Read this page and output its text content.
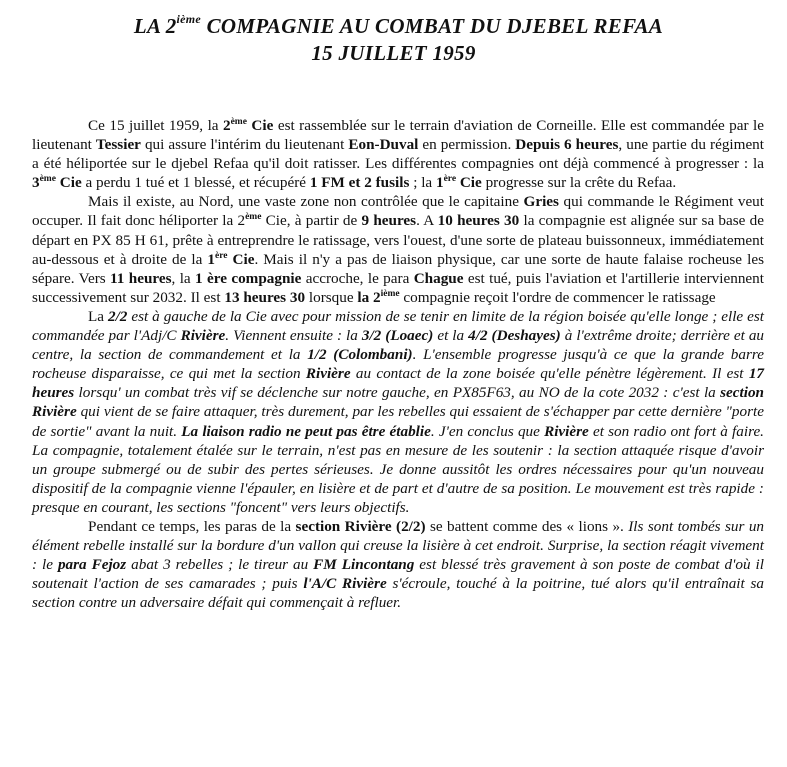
LA 2ième COMPAGNIE AU COMBAT DU DJEBEL REFAA
15 JUILLET 1959

Ce 15 juillet 1959, la 2ème Cie est rassemblée sur le terrain d'aviation de Corneille. Elle est commandée par le lieutenant Tessier qui assure l'intérim du lieutenant Eon-Duval en permission. Depuis 6 heures, une partie du régiment a été héliportée sur le djebel Refaa qu'il doit ratisser. Les différentes compagnies ont déjà commencé à progresser : la 3ème Cie a perdu 1 tué et 1 blessé, et récupéré 1 FM et 2 fusils ; la 1ère Cie progresse sur la crête du Refaa.

Mais il existe, au Nord, une vaste zone non contrôlée que le capitaine Gries qui commande le Régiment veut occuper. Il fait donc héliporter la 2ème Cie, à partir de 9 heures. A 10 heures 30 la compagnie est alignée sur sa base de départ en PX 85 H 61, prête à entreprendre le ratissage, vers l'ouest, d'une sorte de plateau buissonneux, immédiatement au-dessous et à droite de la 1ère Cie. Mais il n'y a pas de liaison physique, car une sorte de haute falaise rocheuse les sépare. Vers 11 heures, la 1 ère compagnie accroche, le para Chague est tué, puis l'aviation et l'artillerie interviennent successivement sur 2032. Il est 13 heures 30 lorsque la 2ième compagnie reçoit l'ordre de commencer le ratissage

La 2/2 est à gauche de la Cie avec pour mission de se tenir en limite de la région boisée qu'elle longe ; elle est commandée par l'Adj/C Rivière. Viennent ensuite : la 3/2 (Loaec) et la 4/2 (Deshayes) à l'extrême droite; derrière et au centre, la section de commandement et la 1/2 (Colombani). L'ensemble progresse jusqu'à ce que la grande barre rocheuse disparaisse, ce qui met la section Rivière au contact de la zone boisée qu'elle pénètre légèrement. Il est 17 heures lorsqu' un combat très vif se déclenche sur notre gauche, en PX85F63, au NO de la cote 2032 : c'est la section Rivière qui vient de se faire attaquer, très durement, par les rebelles qui essaient de s'échapper par cette dernière "porte de sortie" avant la nuit. La liaison radio ne peut pas être établie. J'en conclus que Rivière et son radio ont fort à faire. La compagnie, totalement étalée sur le terrain, n'est pas en mesure de les soutenir : la section attaquée risque d'avoir un groupe submergé ou de subir des pertes sérieuses. Je donne aussitôt les ordres nécessaires pour qu'un nouveau dispositif de la compagnie vienne l'épauler, en lisière et de part et d'autre de sa position. Le mouvement est très rapide : presque en courant, les sections "foncent" vers leurs objectifs.

Pendant ce temps, les paras de la section Rivière (2/2) se battent comme des « lions ». Ils sont tombés sur un élément rebelle installé sur la bordure d'un vallon qui creuse la lisière à cet endroit. Surprise, la section réagit vivement : le para Fejoz abat 3 rebelles ; le tireur au FM Lincontang est blessé très gravement à son poste de combat d'où il soutenait l'action de ses camarades ; puis l'A/C Rivière s'écroule, touché à la poitrine, tué alors qu'il entraînait sa section contre un adversaire défait qui commençait à refluer.
